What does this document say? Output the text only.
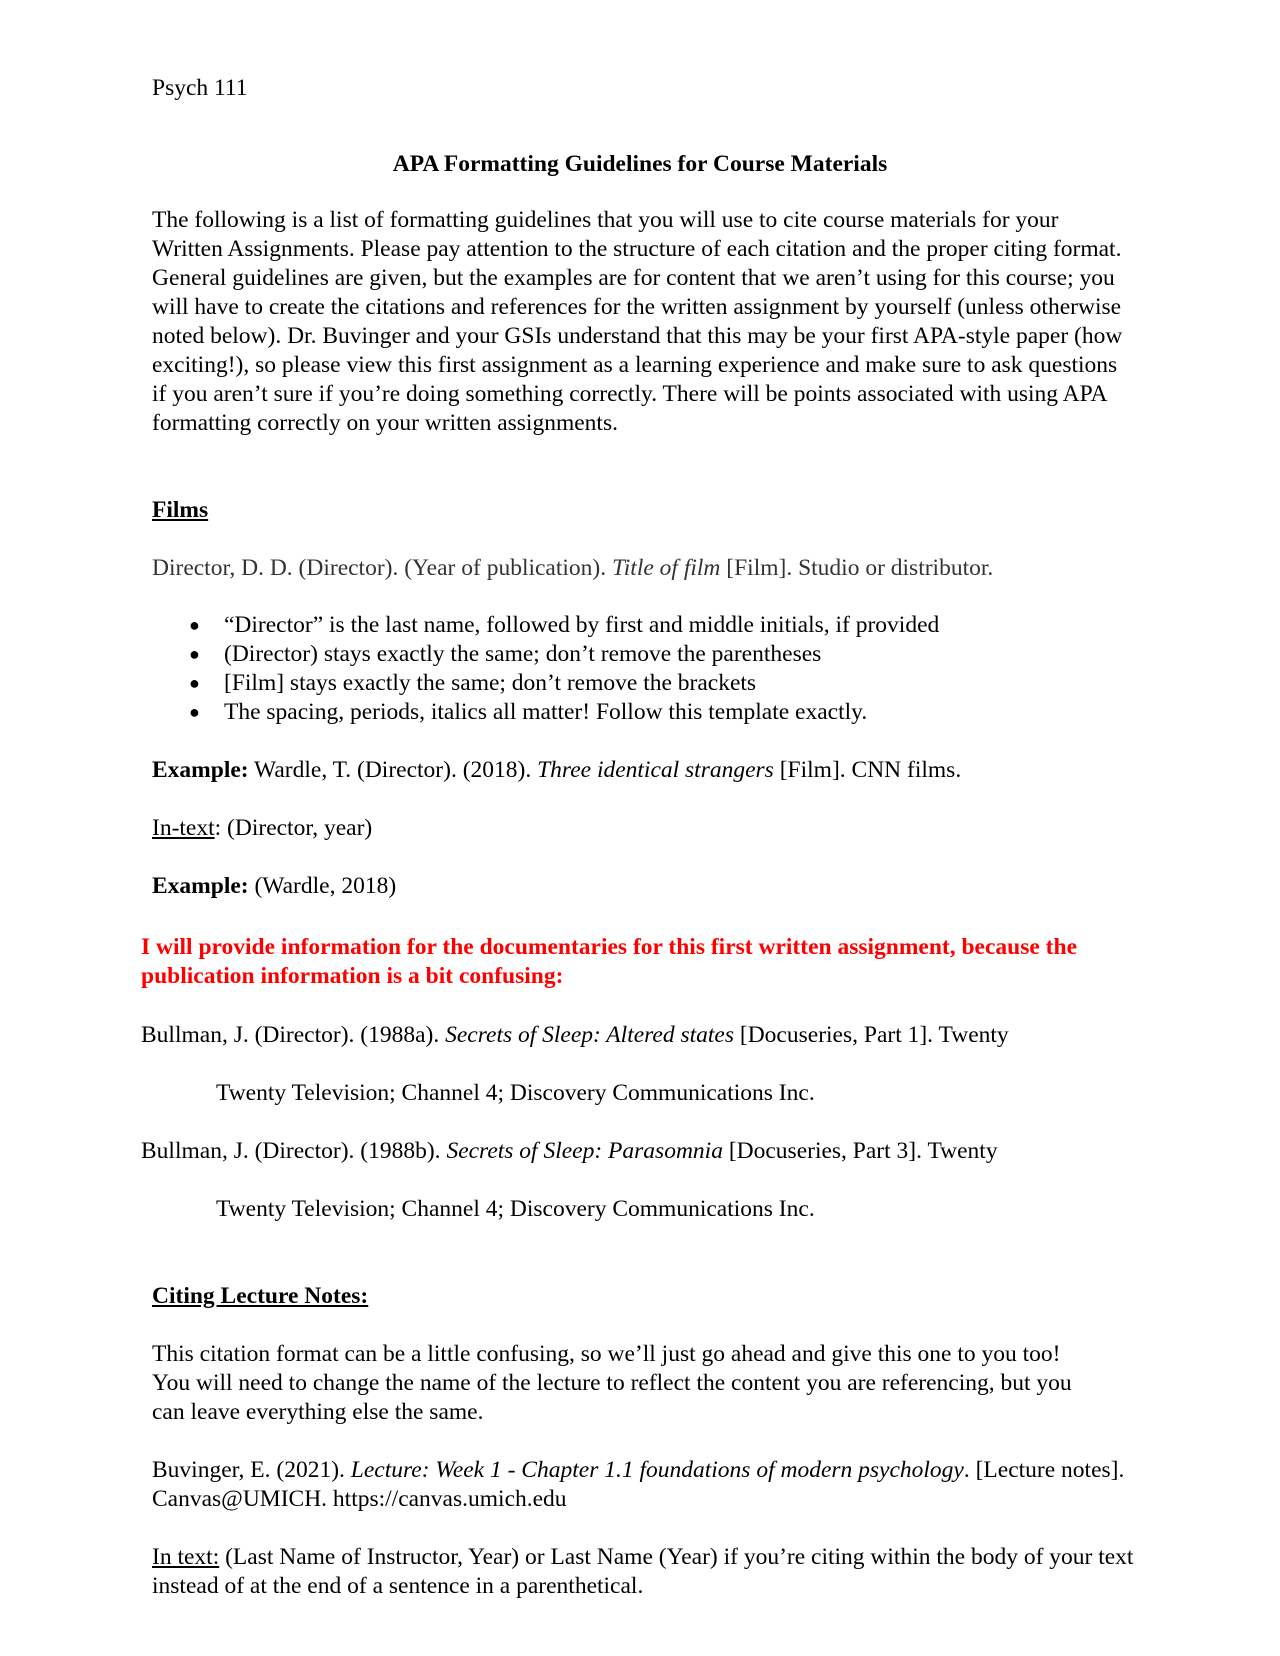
Psych 111

APA Formatting Guidelines for Course Materials

The following is a list of formatting guidelines that you will use to cite course materials for your Written Assignments. Please pay attention to the structure of each citation and the proper citing format. General guidelines are given, but the examples are for content that we aren’t using for this course; you will have to create the citations and references for the written assignment by yourself (unless otherwise noted below). Dr. Buvinger and your GSIs understand that this may be your first APA-style paper (how exciting!), so please view this first assignment as a learning experience and make sure to ask questions if you aren’t sure if you’re doing something correctly. There will be points associated with using APA formatting correctly on your written assignments.

Films

Director, D. D. (Director). (Year of publication). Title of film [Film]. Studio or distributor.

● “Director” is the last name, followed by first and middle initials, if provided
● (Director) stays exactly the same; don’t remove the parentheses
● [Film] stays exactly the same; don’t remove the brackets
● The spacing, periods, italics all matter! Follow this template exactly.

Example: Wardle, T. (Director). (2018). Three identical strangers [Film]. CNN films.

In-text: (Director, year)

Example: (Wardle, 2018)

I will provide information for the documentaries for this first written assignment, because the publication information is a bit confusing:

Bullman, J. (Director). (1988a). Secrets of Sleep: Altered states [Docuseries, Part 1]. Twenty

Twenty Television; Channel 4; Discovery Communications Inc.

Bullman, J. (Director). (1988b). Secrets of Sleep: Parasomnia [Docuseries, Part 3]. Twenty

Twenty Television; Channel 4; Discovery Communications Inc.

Citing Lecture Notes:

This citation format can be a little confusing, so we’ll just go ahead and give this one to you too! You will need to change the name of the lecture to reflect the content you are referencing, but you can leave everything else the same.

Buvinger, E. (2021). Lecture: Week 1 - Chapter 1.1 foundations of modern psychology. [Lecture notes]. Canvas@UMICH. https://canvas.umich.edu

In text: (Last Name of Instructor, Year) or Last Name (Year) if you’re citing within the body of your text instead of at the end of a sentence in a parenthetical.
